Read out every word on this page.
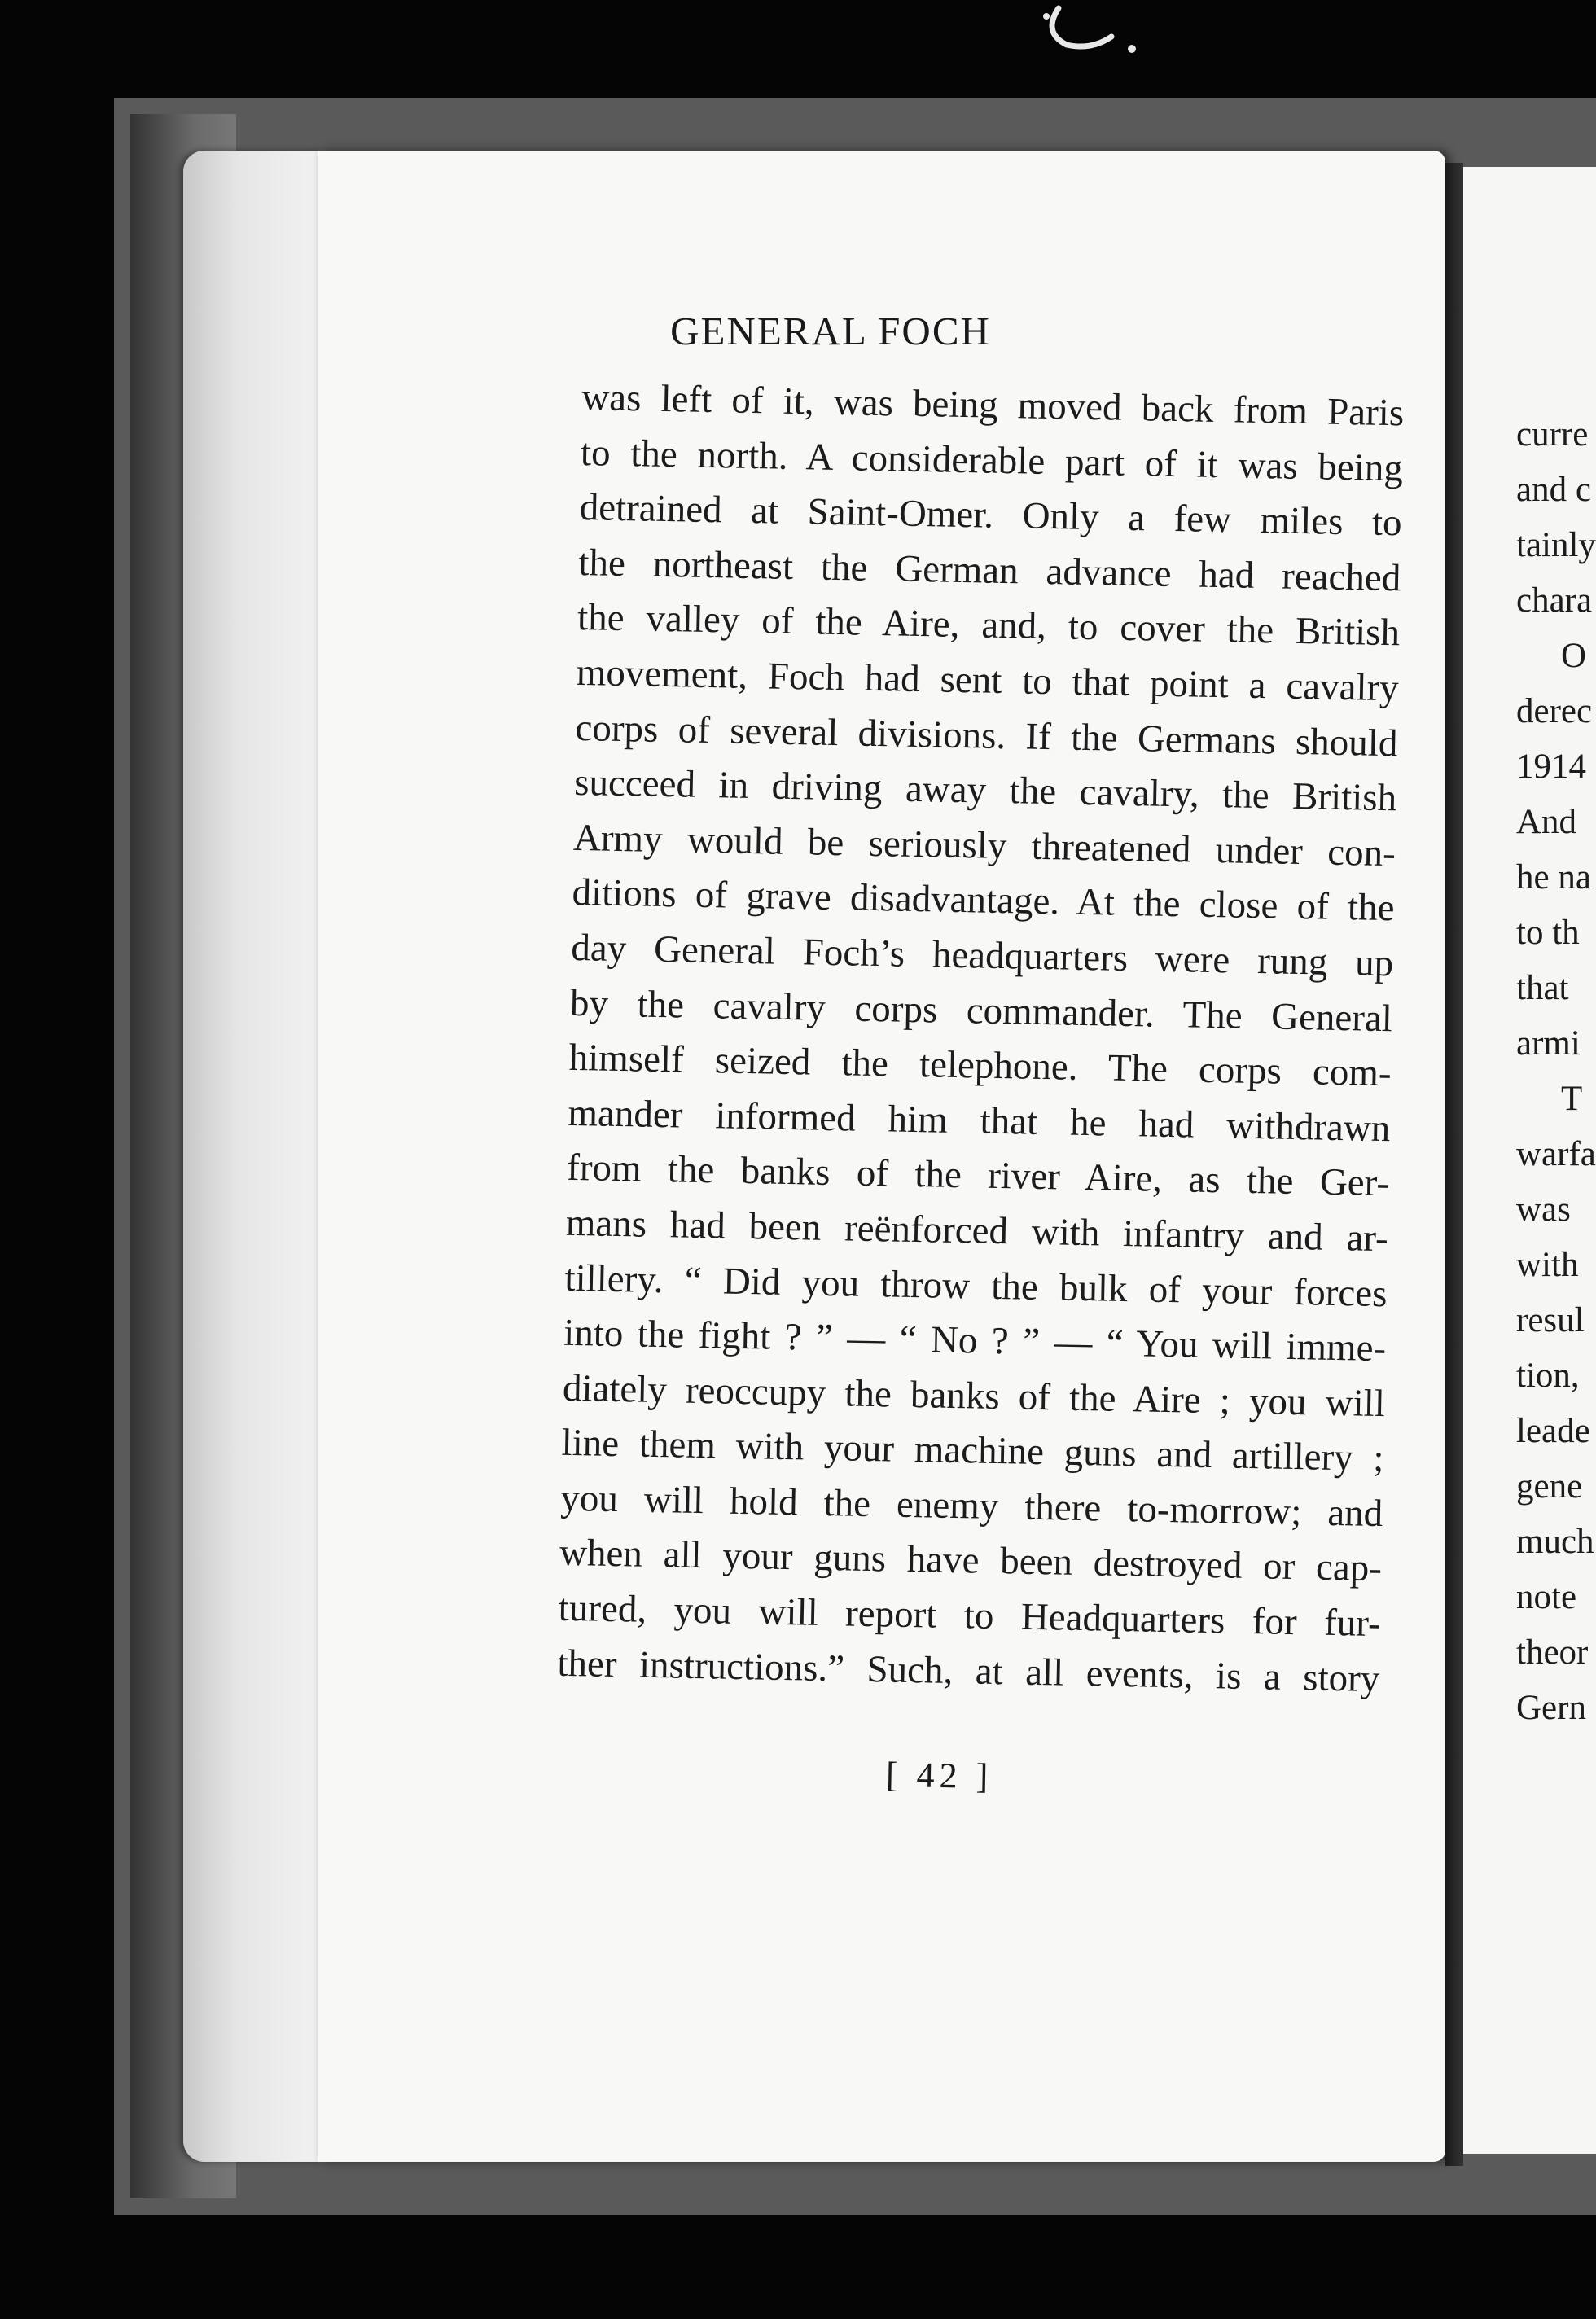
GENERAL FOCH
was left of it, was being moved back from Paris
to the north. A considerable part of it was being
detrained at Saint-Omer. Only a few miles to
the northeast the German advance had reached
the valley of the Aire, and, to cover the British
movement, Foch had sent to that point a cavalry
corps of several divisions. If the Germans should
succeed in driving away the cavalry, the British
Army would be seriously threatened under con-
ditions of grave disadvantage. At the close of the
day General Foch’s headquarters were rung up
by the cavalry corps commander. The General
himself seized the telephone. The corps com-
mander informed him that he had withdrawn
from the banks of the river Aire, as the Ger-
mans had been reënforced with infantry and ar-
tillery. “ Did you throw the bulk of your forces
into the fight ? ” — “ No ? ” — “ You will imme-
diately reoccupy the banks of the Aire ; you will
line them with your machine guns and artillery ;
you will hold the enemy there to-morrow; and
when all your guns have been destroyed or cap-
tured, you will report to Headquarters for fur-
ther instructions.” Such, at all events, is a story
[ 42 ]
curre
and c
tainly
chara
O
derec
1914
And
he na
to th
that
armi
T
warfa
was
with
resul
tion,
leade
gene
much
note
theor
Gern
